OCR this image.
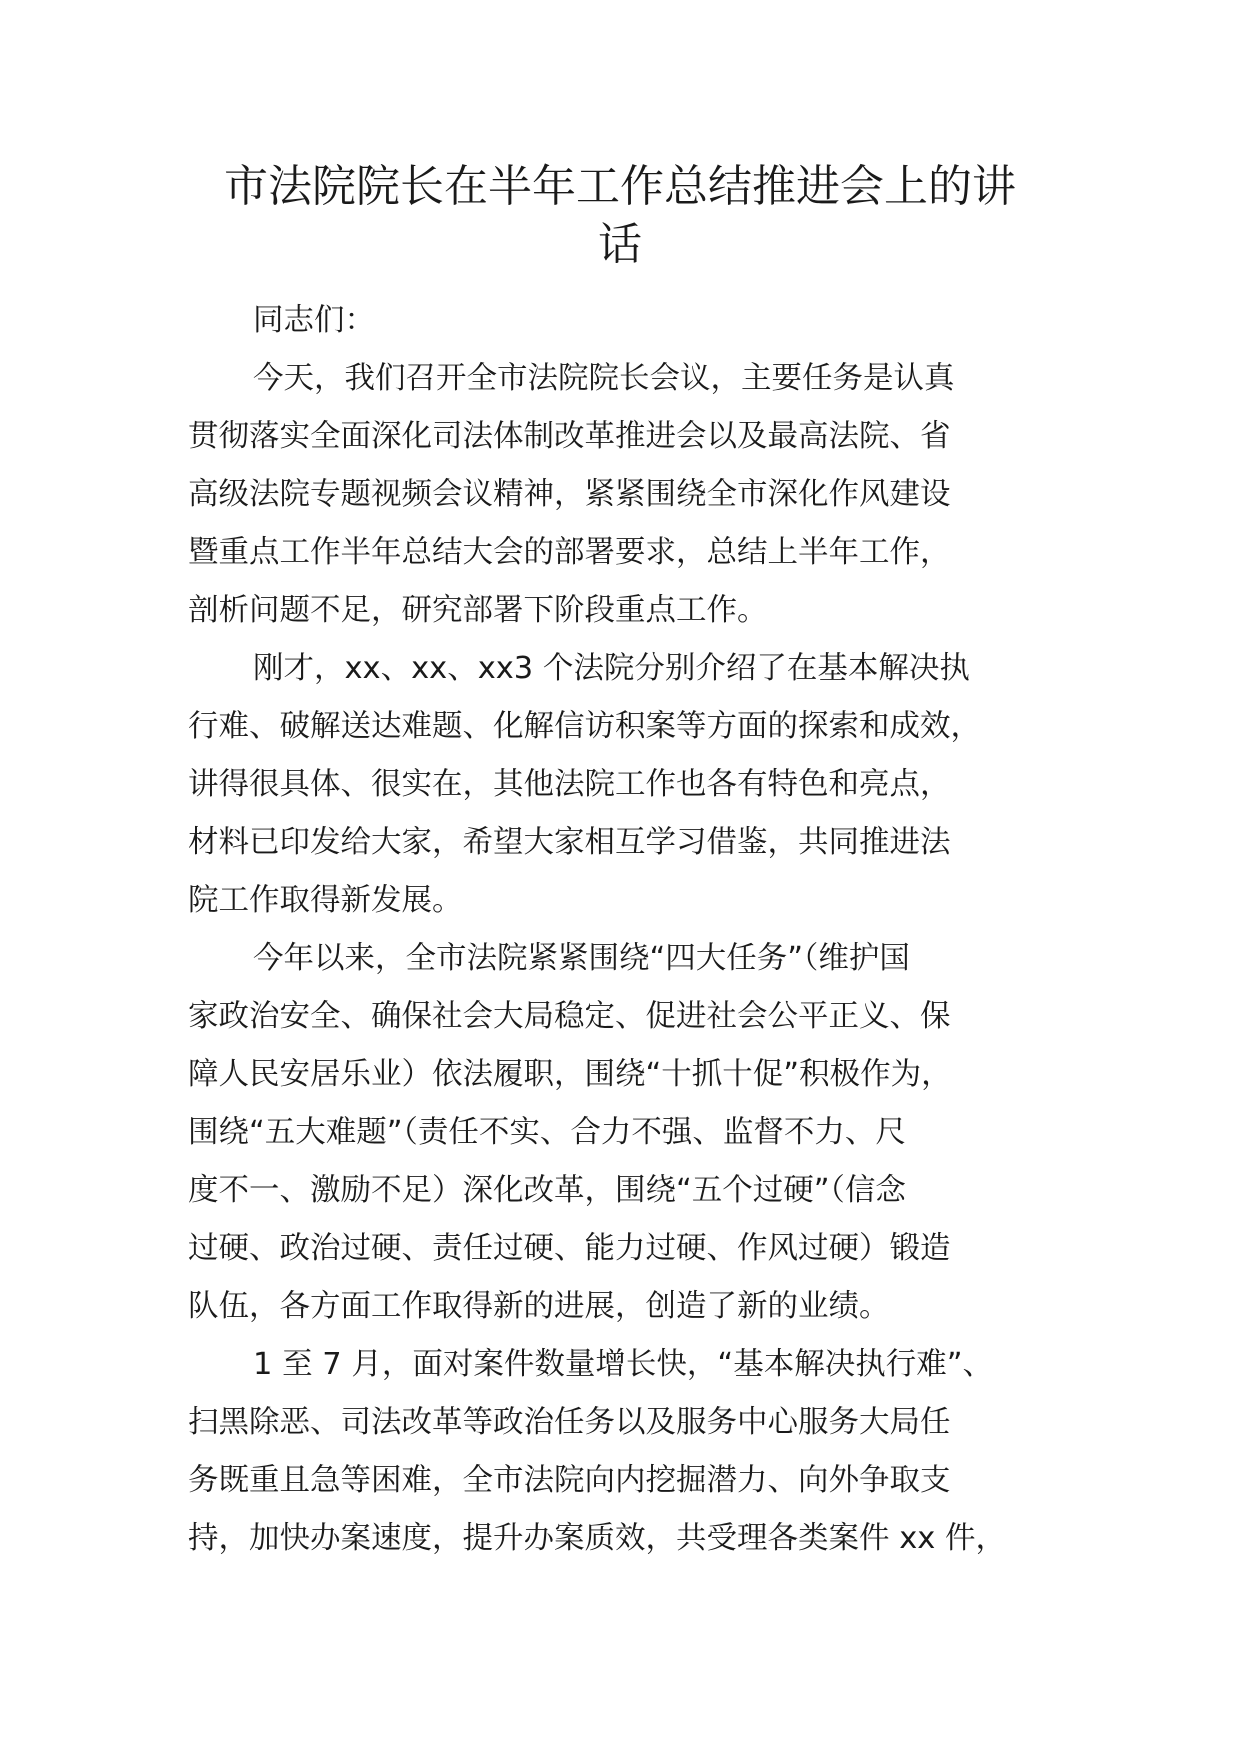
市法院院长在半年工作总结推进会上的讲
话

同志们：

今天，我们召开全市法院院长会议，主要任务是认真
贯彻落实全面深化司法体制改革推进会以及最高法院、省
高级法院专题视频会议精神，紧紧围绕全市深化作风建设
暨重点工作半年总结大会的部署要求，总结上半年工作，
剖析问题不足，研究部署下阶段重点工作。

刚才，xx、xx、xx3 个法院分别介绍了在基本解决执
行难、破解送达难题、化解信访积案等方面的探索和成效，
讲得很具体、很实在，其他法院工作也各有特色和亮点，
材料已印发给大家，希望大家相互学习借鉴，共同推进法
院工作取得新发展。

今年以来，全市法院紧紧围绕“四大任务”（维护国
家政治安全、确保社会大局稳定、促进社会公平正义、保
障人民安居乐业）依法履职，围绕“十抓十促”积极作为，
围绕“五大难题”（责任不实、合力不强、监督不力、尺
度不一、激励不足）深化改革，围绕“五个过硬”（信念
过硬、政治过硬、责任过硬、能力过硬、作风过硬）锻造
队伍，各方面工作取得新的进展，创造了新的业绩。

1 至 7 月，面对案件数量增长快，“基本解决执行难”、
扫黑除恶、司法改革等政治任务以及服务中心服务大局任
务既重且急等困难，全市法院向内挖掘潜力、向外争取支
持，加快办案速度，提升办案质效，共受理各类案件 xx 件，
